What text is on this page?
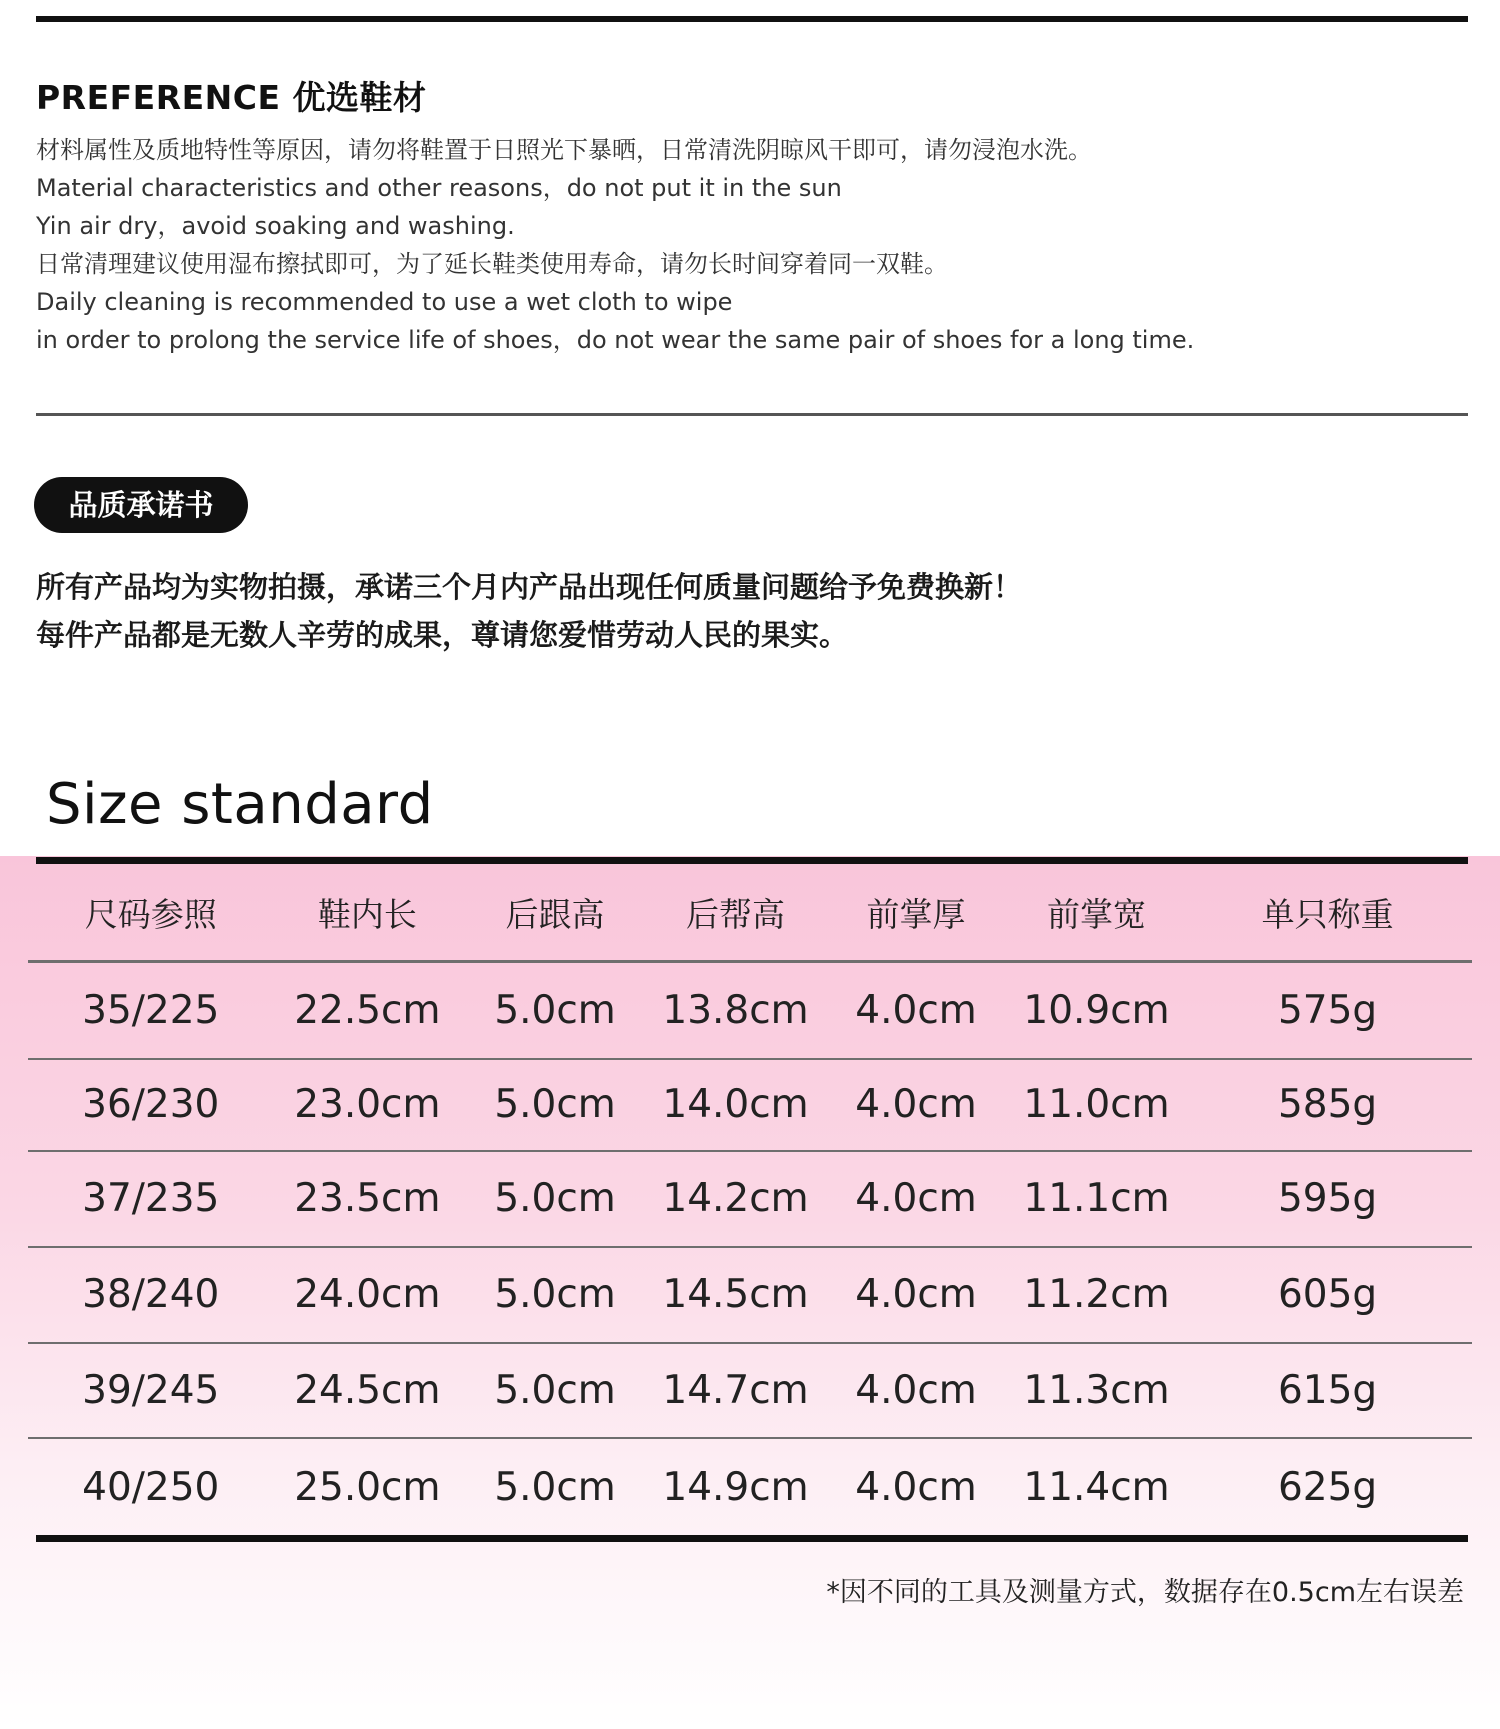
PREFERENCE 优选鞋材
材料属性及质地特性等原因，请勿将鞋置于日照光下暴晒，日常清洗阴晾风干即可，请勿浸泡水洗。
Material characteristics and other reasons，do not put it in the sun
Yin air dry，avoid soaking and washing.
日常清理建议使用湿布擦拭即可，为了延长鞋类使用寿命，请勿长时间穿着同一双鞋。
Daily cleaning is recommended to use a wet cloth to wipe
in order to prolong the service life of shoes，do not wear the same pair of shoes for a long time.
品质承诺书
所有产品均为实物拍摄，承诺三个月内产品出现任何质量问题给予免费换新！
每件产品都是无数人辛劳的成果，尊请您爱惜劳动人民的果实。
Size standard
尺码参照	鞋内长	后跟高	后帮高	前掌厚	前掌宽	单只称重
35/225	22.5cm	5.0cm	13.8cm	4.0cm	10.9cm	575g
36/230	23.0cm	5.0cm	14.0cm	4.0cm	11.0cm	585g
37/235	23.5cm	5.0cm	14.2cm	4.0cm	11.1cm	595g
38/240	24.0cm	5.0cm	14.5cm	4.0cm	11.2cm	605g
39/245	24.5cm	5.0cm	14.7cm	4.0cm	11.3cm	615g
40/250	25.0cm	5.0cm	14.9cm	4.0cm	11.4cm	625g
*因不同的工具及测量方式，数据存在0.5cm左右误差
